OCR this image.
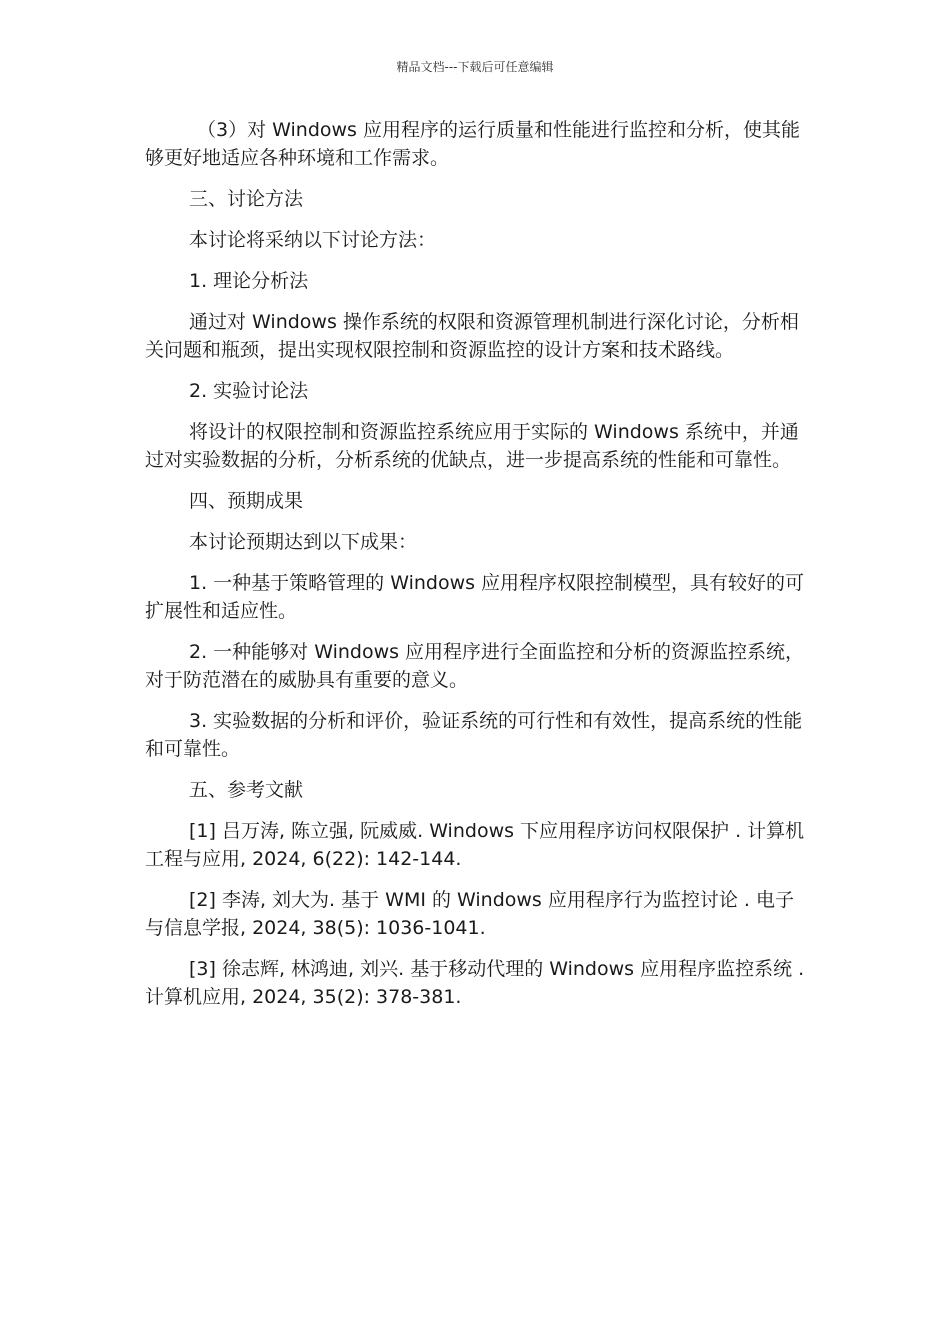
精品文档---下载后可任意编辑

（3）对 Windows 应用程序的运行质量和性能进行监控和分析，使其能够更好地适应各种环境和工作需求。

三、讨论方法

本讨论将采纳以下讨论方法：

1. 理论分析法

通过对 Windows 操作系统的权限和资源管理机制进行深化讨论，分析相关问题和瓶颈，提出实现权限控制和资源监控的设计方案和技术路线。

2. 实验讨论法

将设计的权限控制和资源监控系统应用于实际的 Windows 系统中，并通过对实验数据的分析，分析系统的优缺点，进一步提高系统的性能和可靠性。

四、预期成果

本讨论预期达到以下成果：

1. 一种基于策略管理的 Windows 应用程序权限控制模型，具有较好的可扩展性和适应性。

2. 一种能够对 Windows 应用程序进行全面监控和分析的资源监控系统，对于防范潜在的威胁具有重要的意义。

3. 实验数据的分析和评价，验证系统的可行性和有效性，提高系统的性能和可靠性。

五、参考文献

[1] 吕万涛, 陈立强, 阮威威. Windows 下应用程序访问权限保护 . 计算机工程与应用, 2024, 6(22): 142-144.

[2] 李涛, 刘大为. 基于 WMI 的 Windows 应用程序行为监控讨论 . 电子与信息学报, 2024, 38(5): 1036-1041.

[3] 徐志辉, 林鸿迪, 刘兴. 基于移动代理的 Windows 应用程序监控系统 . 计算机应用, 2024, 35(2): 378-381.
